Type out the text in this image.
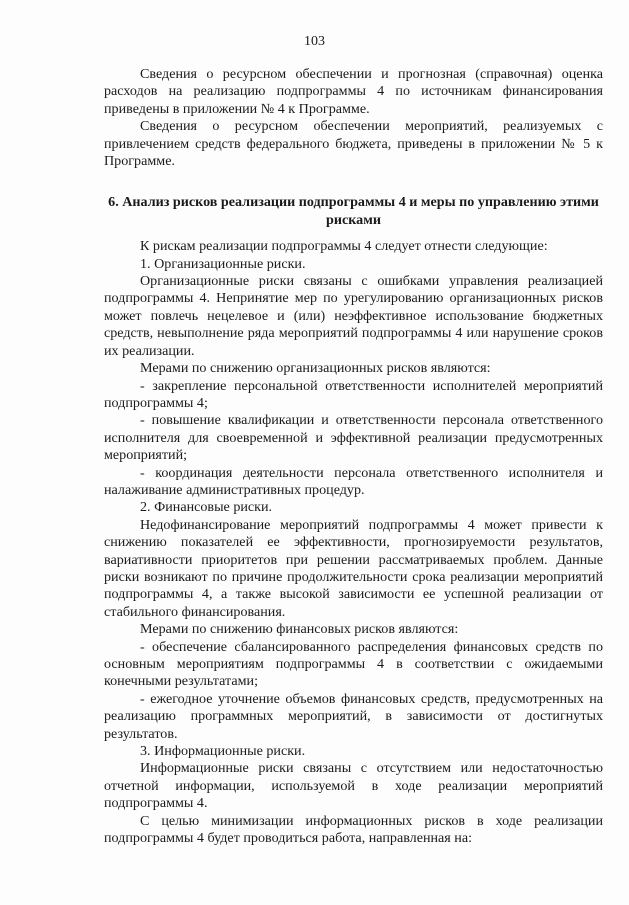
103

Сведения о ресурсном обеспечении и прогнозная (справочная) оценка расходов на реализацию подпрограммы 4 по источникам финансирования приведены в приложении № 4 к Программе.

Сведения о ресурсном обеспечении мероприятий, реализуемых с привлечением средств федерального бюджета, приведены в приложении № 5 к Программе.

6. Анализ рисков реализации подпрограммы 4 и меры по управлению этими рисками

К рискам реализации подпрограммы 4 следует отнести следующие:

1. Организационные риски.

Организационные риски связаны с ошибками управления реализацией подпрограммы 4. Непринятие мер по урегулированию организационных рисков может повлечь нецелевое и (или) неэффективное использование бюджетных средств, невыполнение ряда мероприятий подпрограммы 4 или нарушение сроков их реализации.

Мерами по снижению организационных рисков являются:

- закрепление персональной ответственности исполнителей мероприятий подпрограммы 4;

- повышение квалификации и ответственности персонала ответственного исполнителя для своевременной и эффективной реализации предусмотренных мероприятий;

- координация деятельности персонала ответственного исполнителя и налаживание административных процедур.

2. Финансовые риски.

Недофинансирование мероприятий подпрограммы 4 может привести к снижению показателей ее эффективности, прогнозируемости результатов, вариативности приоритетов при решении рассматриваемых проблем. Данные риски возникают по причине продолжительности срока реализации мероприятий подпрограммы 4, а также высокой зависимости ее успешной реализации от стабильного финансирования.

Мерами по снижению финансовых рисков являются:

- обеспечение сбалансированного распределения финансовых средств по основным мероприятиям подпрограммы 4 в соответствии с ожидаемыми конечными результатами;

- ежегодное уточнение объемов финансовых средств, предусмотренных на реализацию программных мероприятий, в зависимости от достигнутых результатов.

3. Информационные риски.

Информационные риски связаны с отсутствием или недостаточностью отчетной информации, используемой в ходе реализации мероприятий подпрограммы 4.

С целью минимизации информационных рисков в ходе реализации подпрограммы 4 будет проводиться работа, направленная на:
